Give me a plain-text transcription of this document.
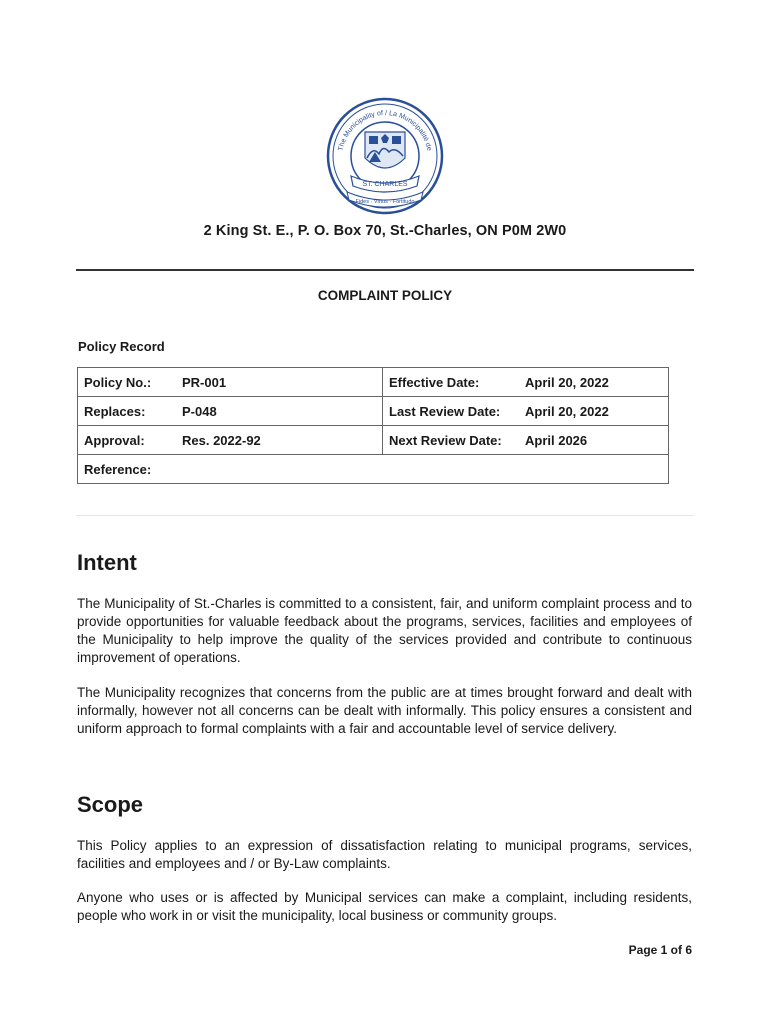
The Municipality of / La Municipalité de
ST. CHARLES
Fides · Virtus · Fortitudo
2 King St. E., P. O. Box 70, St.-Charles, ON P0M 2W0
COMPLAINT POLICY
Policy Record
Policy No.:	PR-001	Effective Date:	April 20, 2022
Replaces:	P-048	Last Review Date:	April 20, 2022
Approval:	Res. 2022-92	Next Review Date:	April 2026
Reference:			
Intent

The Municipality of St.-Charles is committed to a consistent, fair, and uniform complaint process and to provide opportunities for valuable feedback about the programs, services, facilities and employees of the Municipality to help improve the quality of the services provided and contribute to continuous improvement of operations.

The Municipality recognizes that concerns from the public are at times brought forward and dealt with informally, however not all concerns can be dealt with informally. This policy ensures a consistent and uniform approach to formal complaints with a fair and accountable level of service delivery.

Scope

This Policy applies to an expression of dissatisfaction relating to municipal programs, services, facilities and employees and / or By-Law complaints.

Anyone who uses or is affected by Municipal services can make a complaint, including residents, people who work in or visit the municipality, local business or community groups.

Page 1 of 6
